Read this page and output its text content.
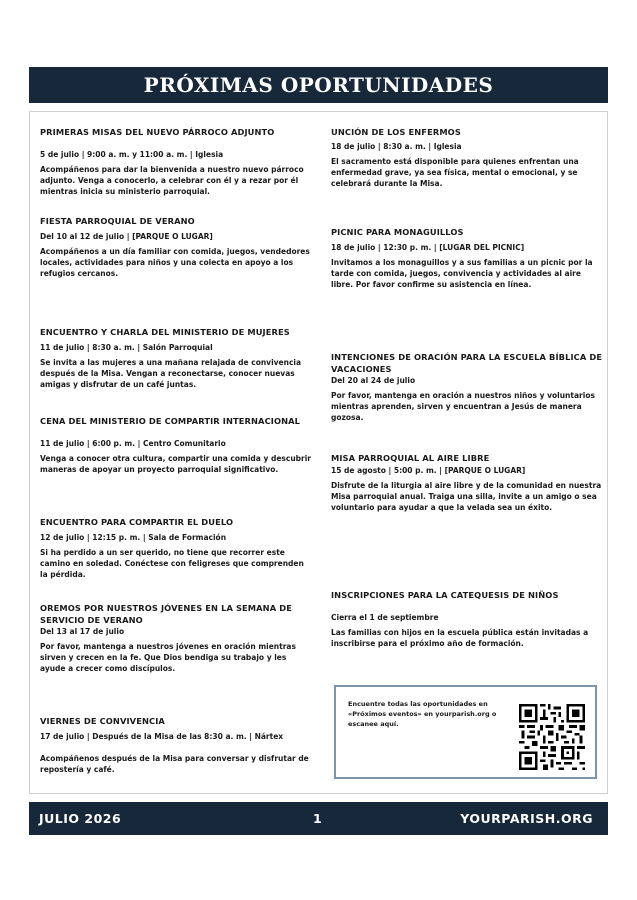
PRÓXIMAS OPORTUNIDADES

PRIMERAS MISAS DEL NUEVO PÁRROCO ADJUNTO

5 de julio | 9:00 a. m. y 11:00 a. m. | Iglesia

Acompáñenos para dar la bienvenida a nuestro nuevo párroco adjunto. Venga a conocerlo, a celebrar con él y a rezar por él mientras inicia su ministerio parroquial.

FIESTA PARROQUIAL DE VERANO

Del 10 al 12 de julio | [PARQUE O LUGAR]

Acompáñenos a un día familiar con comida, juegos, vendedores locales, actividades para niños y una colecta en apoyo a los refugios cercanos.

ENCUENTRO Y CHARLA DEL MINISTERIO DE MUJERES

11 de julio | 8:30 a. m. | Salón Parroquial

Se invita a las mujeres a una mañana relajada de convivencia después de la Misa. Vengan a reconectarse, conocer nuevas amigas y disfrutar de un café juntas.

CENA DEL MINISTERIO DE COMPARTIR INTERNACIONAL

11 de julio | 6:00 p. m. | Centro Comunitario

Venga a conocer otra cultura, compartir una comida y descubrir maneras de apoyar un proyecto parroquial significativo.

ENCUENTRO PARA COMPARTIR EL DUELO

12 de julio | 12:15 p. m. | Sala de Formación

Si ha perdido a un ser querido, no tiene que recorrer este camino en soledad. Conéctese con feligreses que comprenden la pérdida.

OREMOS POR NUESTROS JÓVENES EN LA SEMANA DE SERVICIO DE VERANO

Del 13 al 17 de julio

Por favor, mantenga a nuestros jóvenes en oración mientras sirven y crecen en la fe. Que Dios bendiga su trabajo y les ayude a crecer como discípulos.

VIERNES DE CONVIVENCIA

17 de julio | Después de la Misa de las 8:30 a. m. | Nártex

Acompáñenos después de la Misa para conversar y disfrutar de repostería y café.

UNCIÓN DE LOS ENFERMOS

18 de julio | 8:30 a. m. | Iglesia

El sacramento está disponible para quienes enfrentan una enfermedad grave, ya sea física, mental o emocional, y se celebrará durante la Misa.

PICNIC PARA MONAGUILLOS

18 de julio | 12:30 p. m. | [LUGAR DEL PICNIC]

Invitamos a los monaguillos y a sus familias a un picnic por la tarde con comida, juegos, convivencia y actividades al aire libre. Por favor confirme su asistencia en línea.

INTENCIONES DE ORACIÓN PARA LA ESCUELA BÍBLICA DE VACACIONES

Del 20 al 24 de julio

Por favor, mantenga en oración a nuestros niños y voluntarios mientras aprenden, sirven y encuentran a Jesús de manera gozosa.

MISA PARROQUIAL AL AIRE LIBRE

15 de agosto | 5:00 p. m. | [PARQUE O LUGAR]

Disfrute de la liturgia al aire libre y de la comunidad en nuestra Misa parroquial anual. Traiga una silla, invite a un amigo o sea voluntario para ayudar a que la velada sea un éxito.

INSCRIPCIONES PARA LA CATEQUESIS DE NIÑOS

Cierra el 1 de septiembre

Las familias con hijos en la escuela pública están invitadas a inscribirse para el próximo año de formación.

Encuentre todas las oportunidades en «Próximos eventos» en yourparish.org o escanee aquí.
JULIO 2026	1	YOURPARISH.ORG
